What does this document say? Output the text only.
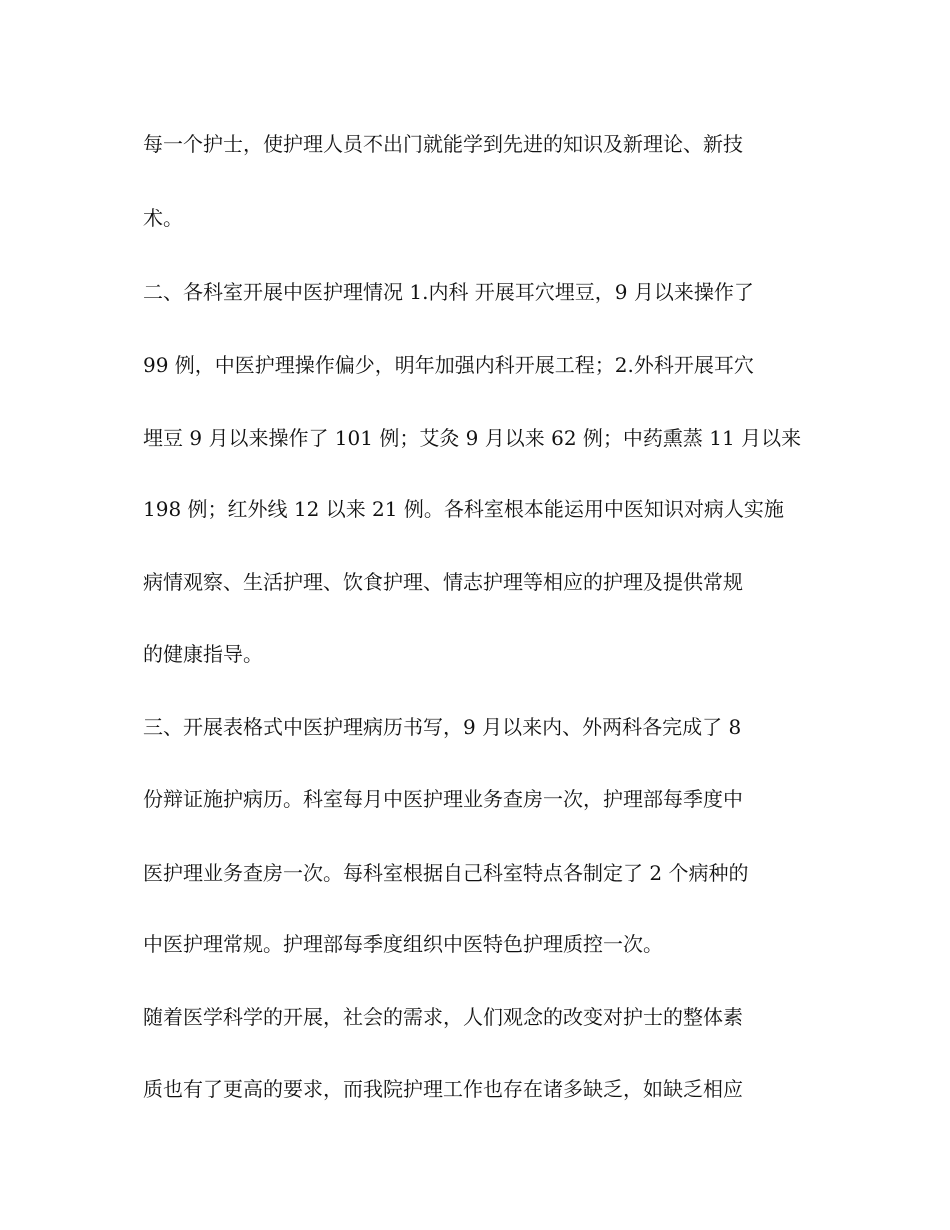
每一个护士，使护理人员不出门就能学到先进的知识及新理论、新技

术。

二、各科室开展中医护理情况 1.内科 开展耳穴埋豆，9 月以来操作了

99 例，中医护理操作偏少，明年加强内科开展工程；2.外科开展耳穴

埋豆 9 月以来操作了 101 例；艾灸 9 月以来 62 例；中药熏蒸 11 月以来

198 例；红外线 12 以来 21 例。各科室根本能运用中医知识对病人实施

病情观察、生活护理、饮食护理、情志护理等相应的护理及提供常规

的健康指导。

三、开展表格式中医护理病历书写，9 月以来内、外两科各完成了 8

份辩证施护病历。科室每月中医护理业务查房一次，护理部每季度中

医护理业务查房一次。每科室根据自己科室特点各制定了 2 个病种的

中医护理常规。护理部每季度组织中医特色护理质控一次。

随着医学科学的开展，社会的需求，人们观念的改变对护士的整体素

质也有了更高的要求，而我院护理工作也存在诸多缺乏，如缺乏相应
